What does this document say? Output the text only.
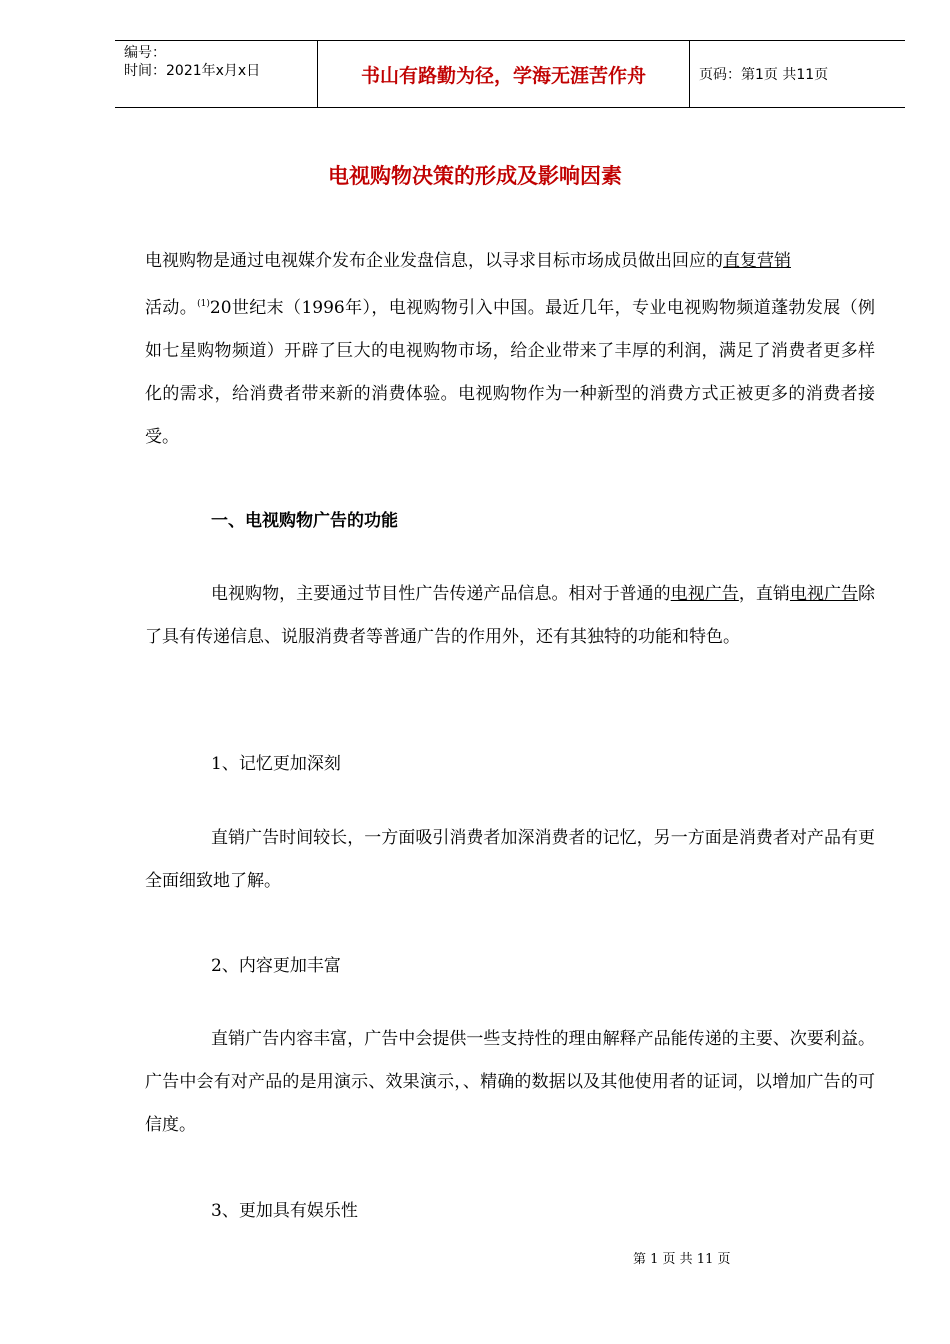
编号：
时间：2021年x月x日	书山有路勤为径，学海无涯苦作舟	页码：第1页 共11页
电视购物决策的形成及影响因素

电视购物是通过电视媒介发布企业发盘信息，以寻求目标市场成员做出回应的直复营销
活动。$^{(1)}$20世纪末（1996年），电视购物引入中国。最近几年，专业电视购物频道蓬勃发展（例如七星购物频道）开辟了巨大的电视购物市场，给企业带来了丰厚的利润，满足了消费者更多样化的需求，给消费者带来新的消费体验。电视购物作为一种新型的消费方式正被更多的消费者接受。

一、电视购物广告的功能

电视购物，主要通过节目性广告传递产品信息。相对于普通的电视广告，直销电视广告除了具有传递信息、说服消费者等普通广告的作用外，还有其独特的功能和特色。

1、记忆更加深刻

直销广告时间较长，一方面吸引消费者加深消费者的记忆，另一方面是消费者对产品有更全面细致地了解。

2、内容更加丰富

直销广告内容丰富，广告中会提供一些支持性的理由解释产品能传递的主要、次要利益。广告中会有对产品的是用演示、效果演示，、精确的数据以及其他使用者的证词，以增加广告的可信度。

3、更加具有娱乐性
第 1 页 共 11 页
